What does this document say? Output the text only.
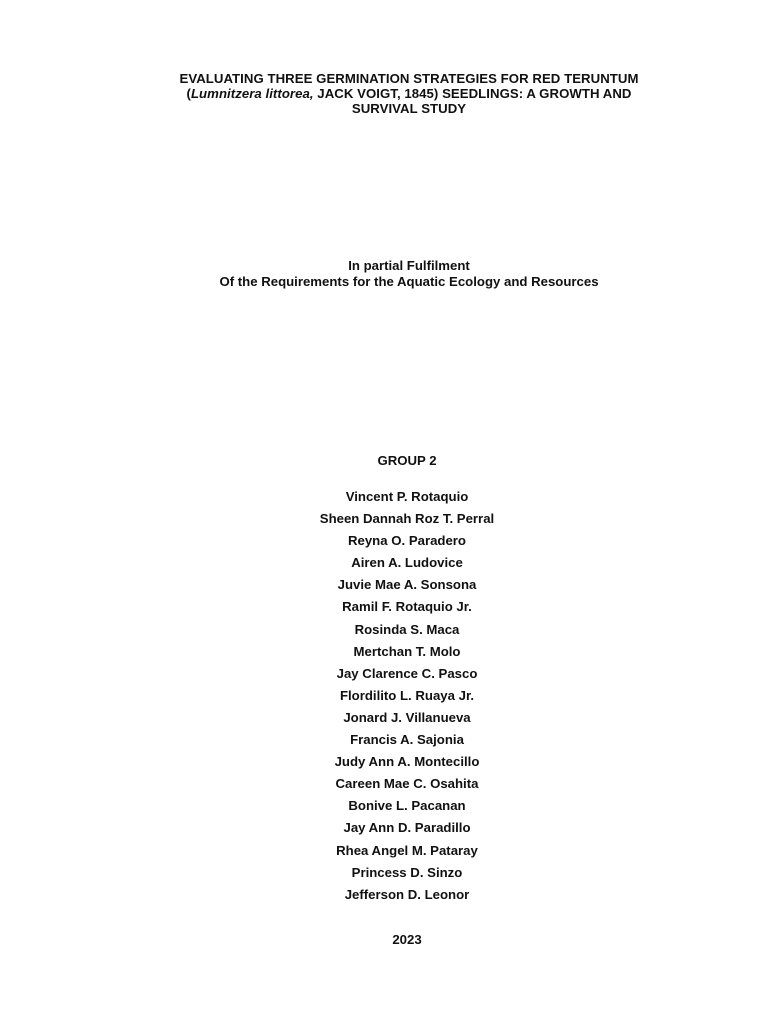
EVALUATING THREE GERMINATION STRATEGIES FOR RED TERUNTUM
(Lumnitzera littorea, JACK VOIGT, 1845) SEEDLINGS: A GROWTH AND
SURVIVAL STUDY
In partial Fulfilment
Of the Requirements for the Aquatic Ecology and Resources
GROUP 2
Vincent P. Rotaquio
Sheen Dannah Roz T. Perral
Reyna O. Paradero
Airen A. Ludovice
Juvie Mae A. Sonsona
Ramil F. Rotaquio Jr.
Rosinda S. Maca
Mertchan T. Molo
Jay Clarence C. Pasco
Flordilito L. Ruaya Jr.
Jonard J. Villanueva
Francis A. Sajonia
Judy Ann A. Montecillo
Careen Mae C. Osahita
Bonive L. Pacanan
Jay Ann D. Paradillo
Rhea Angel M. Pataray
Princess D. Sinzo
Jefferson D. Leonor
2023
